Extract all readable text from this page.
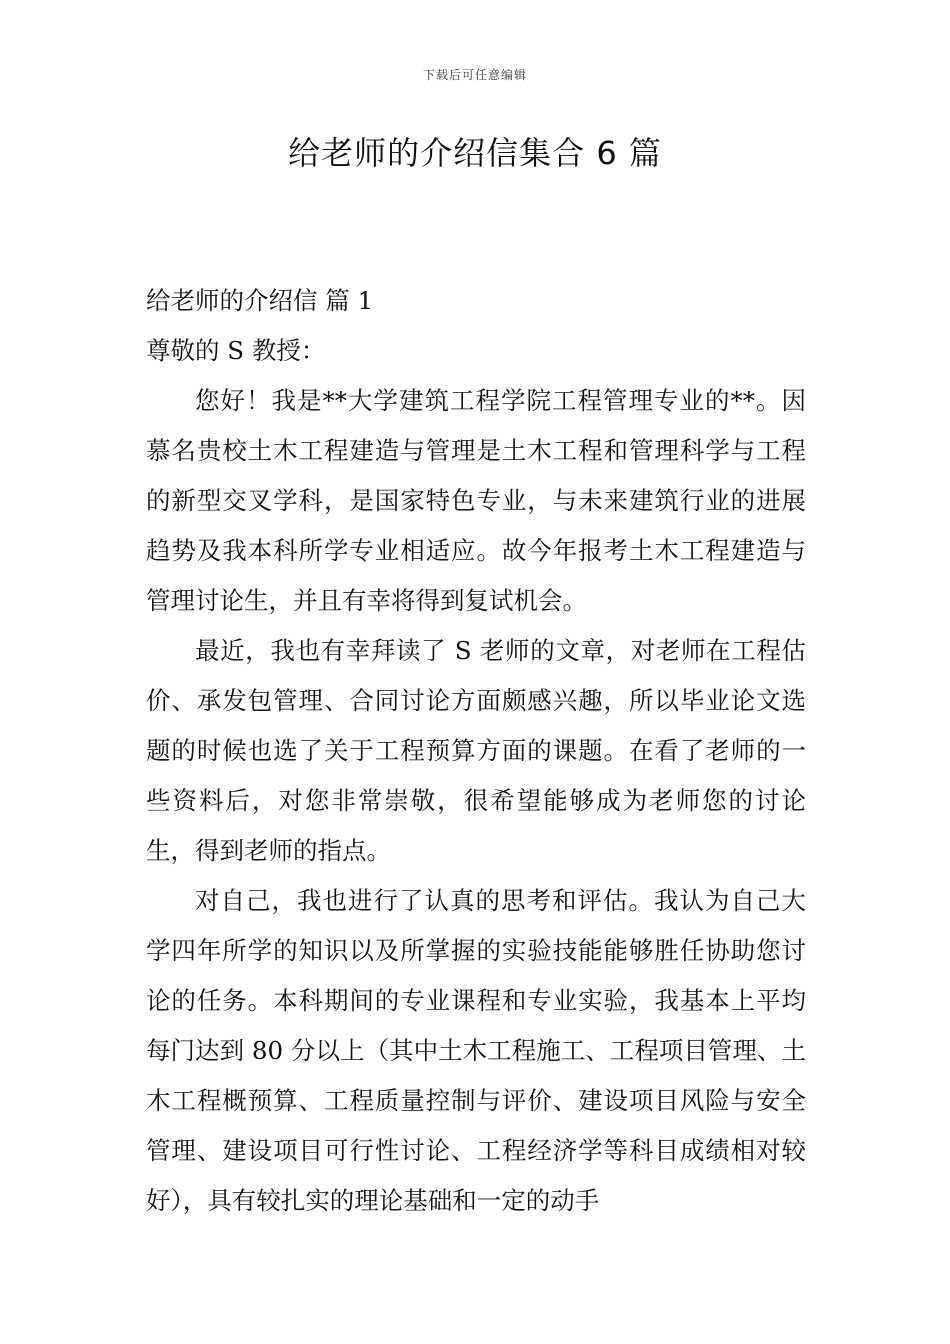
下载后可任意编辑
给老师的介绍信集合 6 篇

给老师的介绍信 篇 1

尊敬的 S 教授：

您好！我是**大学建筑工程学院工程管理专业的**。因慕名贵校土木工程建造与管理是土木工程和管理科学与工程的新型交叉学科，是国家特色专业，与未来建筑行业的进展趋势及我本科所学专业相适应。故今年报考土木工程建造与管理讨论生，并且有幸将得到复试机会。

最近，我也有幸拜读了 S 老师的文章，对老师在工程估价、承发包管理、合同讨论方面颇感兴趣，所以毕业论文选题的时候也选了关于工程预算方面的课题。在看了老师的一些资料后，对您非常崇敬，很希望能够成为老师您的讨论生，得到老师的指点。

对自己，我也进行了认真的思考和评估。我认为自己大学四年所学的知识以及所掌握的实验技能能够胜任协助您讨论的任务。本科期间的专业课程和专业实验，我基本上平均每门达到 80 分以上（其中土木工程施工、工程项目管理、土木工程概预算、工程质量控制与评价、建设项目风险与安全管理、建设项目可行性讨论、工程经济学等科目成绩相对较好），具有较扎实的理论基础和一定的动手
